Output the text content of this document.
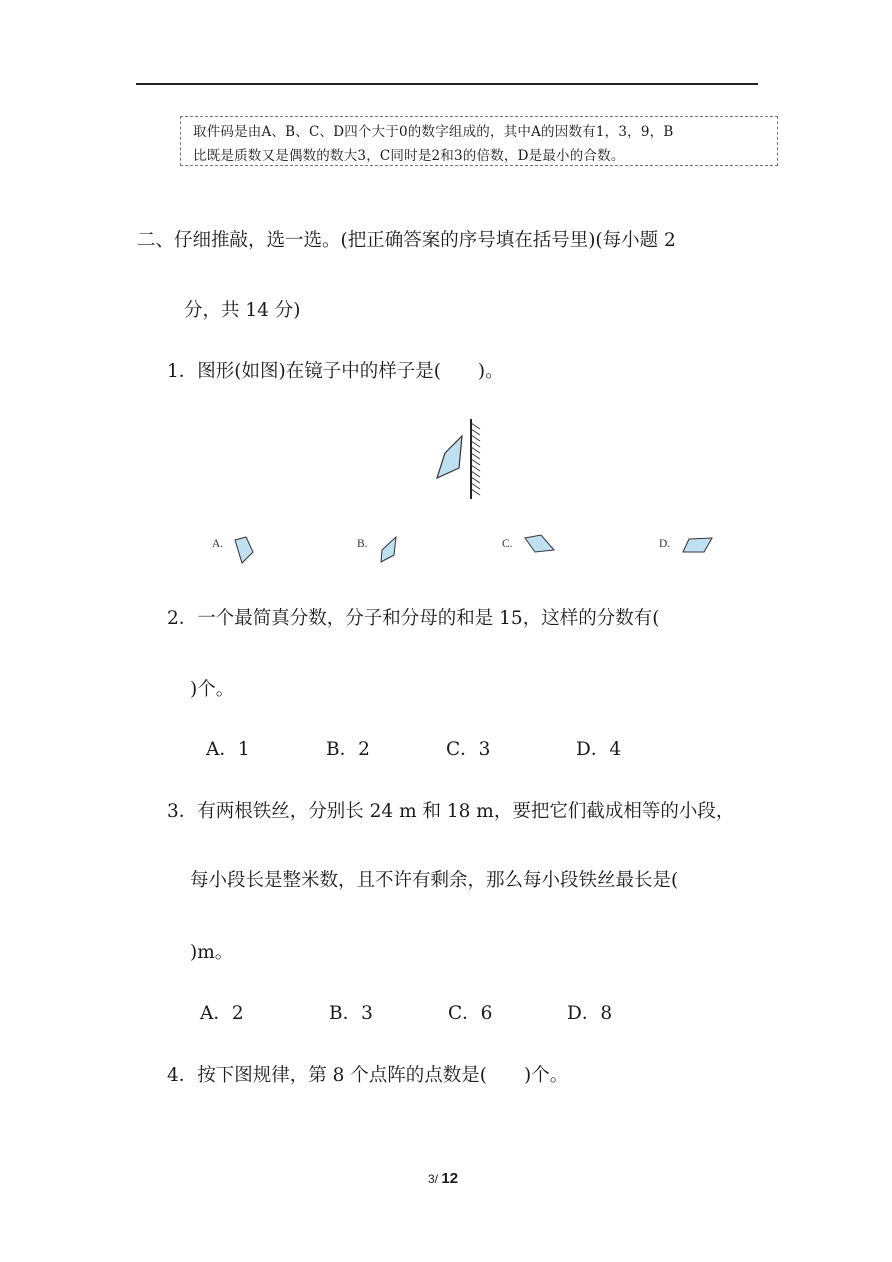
取件码是由A、B、C、D四个大于0的数字组成的，其中A的因数有1，3，9，B
比既是质数又是偶数的数大3，C同时是2和3的倍数，D是最小的合数。
二、仔细推敲，选一选。(把正确答案的序号填在括号里)(每小题 2
分，共 14 分)
1．图形(如图)在镜子中的样子是(　　)。
A.	B.	C.	D.
2．一个最简真分数，分子和分母的和是 15，这样的分数有(
)个。
A．1	B．2	C．3	D．4
3．有两根铁丝，分别长 24 m 和 18 m，要把它们截成相等的小段，
每小段长是整米数，且不许有剩余，那么每小段铁丝最长是(
)m。
A．2	B．3	C．6	D．8
4．按下图规律，第 8 个点阵的点数是(　　)个。
3/ 12
